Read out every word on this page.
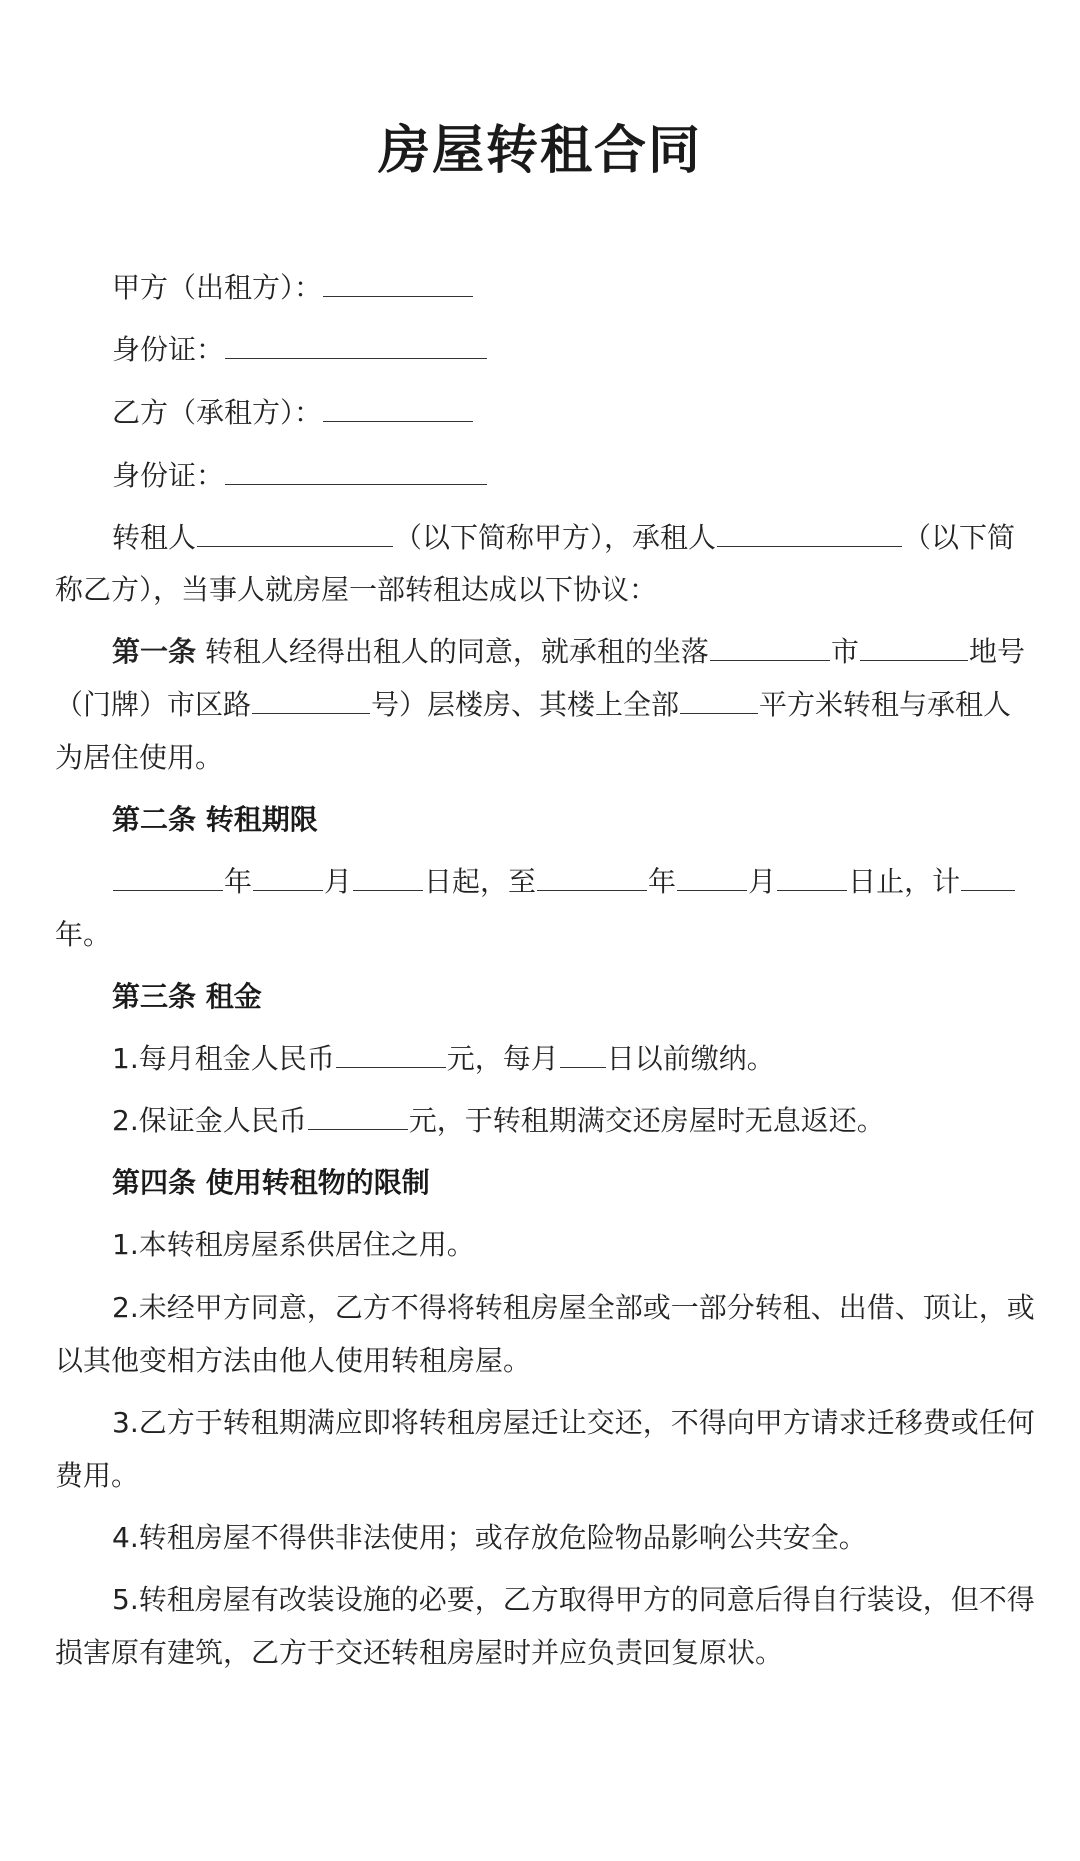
房屋转租合同
甲方（出租方）：
身份证：
乙方（承租方）：
身份证：
转租人	（以下简称甲方），承租人	（以下简
称乙方），当事人就房屋一部转租达成以下协议：
第一条 转租人经得出租人的同意，就承租的坐落	市	地号
（门牌）市区路	号）层楼房、其楼上全部	平方米转租与承租人
为居住使用。
第二条 转租期限
年	月	日起，至	年	月	日止，计
年。
第三条 租金
1.每月租金人民币	元，每月 日以前缴纳。
2.保证金人民币	元，于转租期满交还房屋时无息返还。
第四条 使用转租物的限制
1.本转租房屋系供居住之用。
2.未经甲方同意，乙方不得将转租房屋全部或一部分转租、出借、顶让，或
以其他变相方法由他人使用转租房屋。
3.乙方于转租期满应即将转租房屋迁让交还，不得向甲方请求迁移费或任何
费用。
4.转租房屋不得供非法使用；或存放危险物品影响公共安全。
5.转租房屋有改装设施的必要，乙方取得甲方的同意后得自行装设，但不得
损害原有建筑，乙方于交还转租房屋时并应负责回复原状。
